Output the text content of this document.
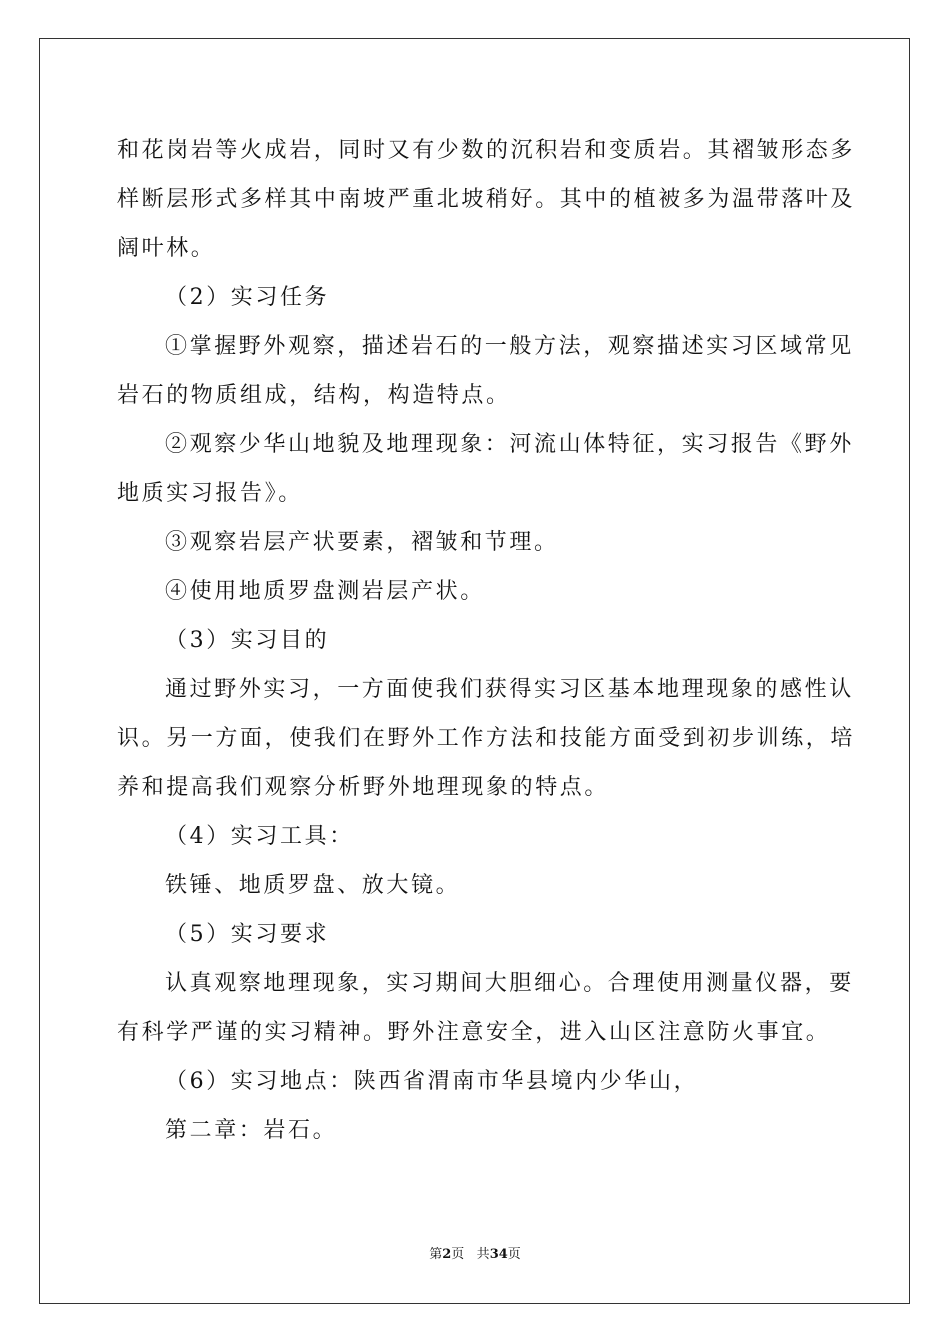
和花岗岩等火成岩，同时又有少数的沉积岩和变质岩。其褶皱形态多
样断层形式多样其中南坡严重北坡稍好。其中的植被多为温带落叶及
阔叶林。
（2）实习任务
①掌握野外观察，描述岩石的一般方法，观察描述实习区域常见
岩石的物质组成，结构，构造特点。
②观察少华山地貌及地理现象：河流山体特征，实习报告《野外
地质实习报告》。
③观察岩层产状要素，褶皱和节理。
④使用地质罗盘测岩层产状。
（3）实习目的
通过野外实习，一方面使我们获得实习区基本地理现象的感性认
识。另一方面，使我们在野外工作方法和技能方面受到初步训练，培
养和提高我们观察分析野外地理现象的特点。
（4）实习工具：
铁锤、地质罗盘、放大镜。
（5）实习要求
认真观察地理现象，实习期间大胆细心。合理使用测量仪器，要
有科学严谨的实习精神。野外注意安全，进入山区注意防火事宜。
（6）实习地点：陕西省渭南市华县境内少华山，
第二章：岩石。
第2页 共34页
